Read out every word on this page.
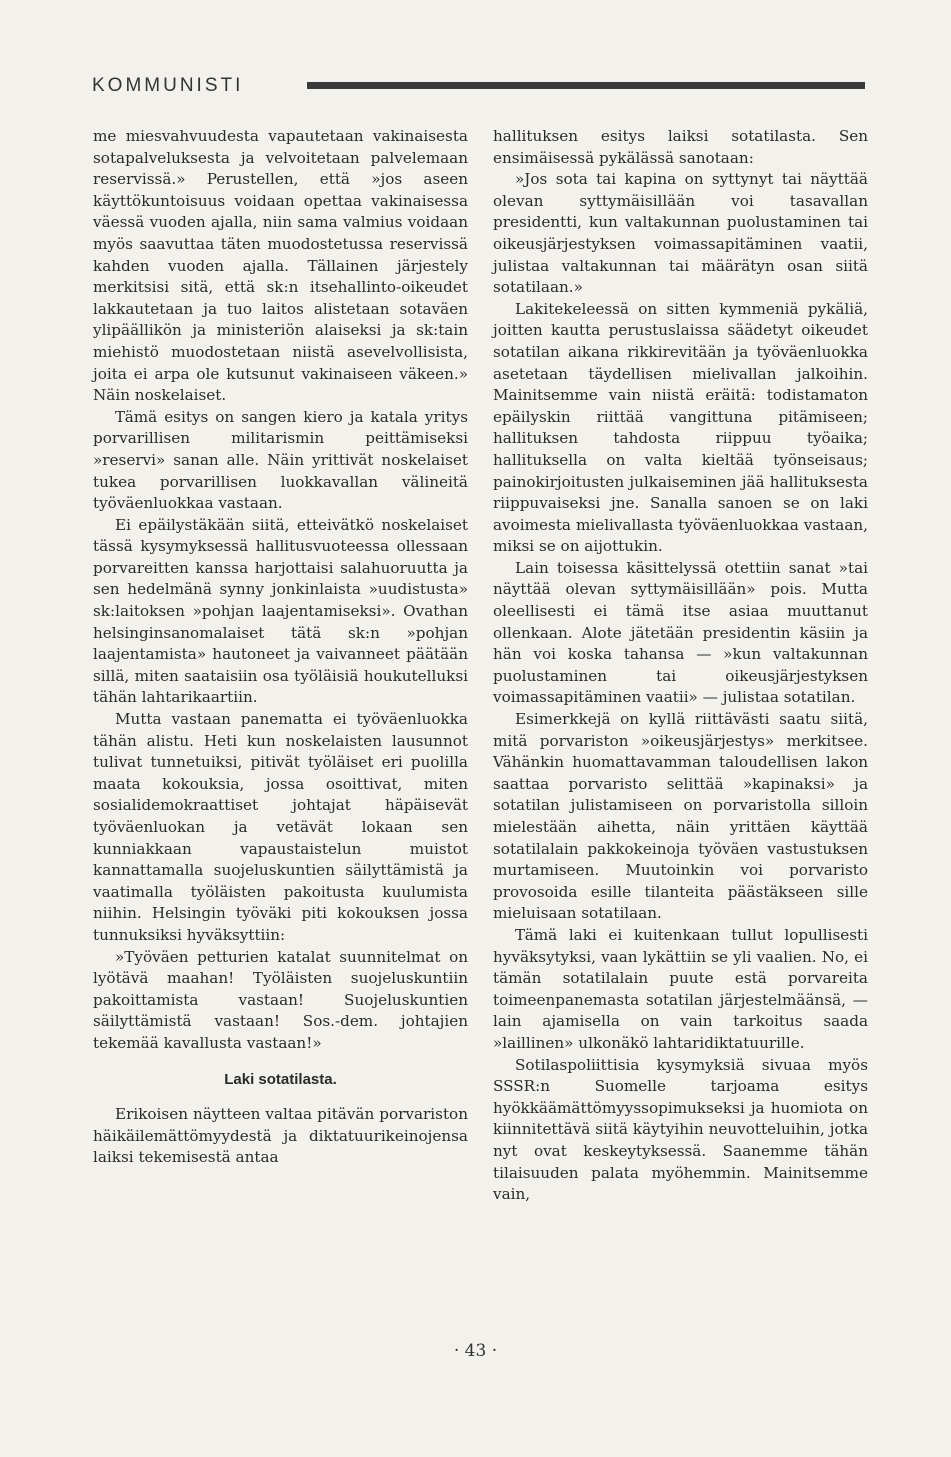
KOMMUNISTI

me miesvahvuudesta vapautetaan vakinaisesta sotapalveluksesta ja velvoitetaan palvelemaan reservissä.» Perustellen, että »jos aseen käyttökuntoisuus voidaan opettaa vakinaisessa väessä vuoden ajalla, niin sama valmius voidaan myös saavuttaa täten muodostetussa reservissä kahden vuoden ajalla. Tällainen järjestely merkitsisi sitä, että sk:n itsehallinto-oikeudet lakkautetaan ja tuo laitos alistetaan sotaväen ylipäällikön ja ministeriön alaiseksi ja sk:tain miehistö muodostetaan niistä asevelvollisista, joita ei arpa ole kutsunut vakinaiseen väkeen.» Näin noskelaiset.

Tämä esitys on sangen kiero ja katala yritys porvarillisen militarismin peittämiseksi »reservi» sanan alle. Näin yrittivät noskelaiset tukea porvarillisen luokkavallan välineitä työväenluokkaa vastaan.

Ei epäilystäkään siitä, etteivätkö noskelaiset tässä kysymyksessä hallitusvuoteessa ollessaan porvareitten kanssa harjottaisi salahuoruutta ja sen hedelmänä synny jonkinlaista »uudistusta» sk:laitoksen »pohjan laajentamiseksi». Ovathan helsinginsanomalaiset tätä sk:n »pohjan laajentamista» hautoneet ja vaivanneet päätään sillä, miten saataisiin osa työläisiä houkutelluksi tähän lahtarikaartiin.

Mutta vastaan panematta ei työväenluokka tähän alistu. Heti kun noskelaisten lausunnot tulivat tunnetuiksi, pitivät työläiset eri puolilla maata kokouksia, jossa osoittivat, miten sosialidemokraattiset johtajat häpäisevät työväenluokan ja vetävät lokaan sen kunniakkaan vapaustaistelun muistot kannattamalla suojeluskuntien säilyttämistä ja vaatimalla työläisten pakoitusta kuulumista niihin. Helsingin työväki piti kokouksen jossa tunnuksiksi hyväksyttiin:

»Työväen petturien katalat suunnitelmat on lyötävä maahan! Työläisten suojeluskuntiin pakoittamista vastaan! Suojeluskuntien säilyttämistä vastaan! Sos.-dem. johtajien tekemää kavallusta vastaan!»

Laki sotatilasta.

Erikoisen näytteen valtaa pitävän porvariston häikäilemättömyydestä ja diktatuurikeinojensa laiksi tekemisestä antaa

hallituksen esitys laiksi sotatilasta. Sen ensimäisessä pykälässä sanotaan:

»Jos sota tai kapina on syttynyt tai näyttää olevan syttymäisillään voi tasavallan presidentti, kun valtakunnan puolustaminen tai oikeusjärjestyksen voimassapitäminen vaatii, julistaa valtakunnan tai määrätyn osan siitä sotatilaan.»

Lakitekeleessä on sitten kymmeniä pykäliä, joitten kautta perustuslaissa säädetyt oikeudet sotatilan aikana rikkirevitään ja työväenluokka asetetaan täydellisen mielivallan jalkoihin. Mainitsemme vain niistä eräitä: todistamaton epäilyskin riittää vangittuna pitämiseen; hallituksen tahdosta riippuu työaika; hallituksella on valta kieltää työnseisaus; painokirjoitusten julkaiseminen jää hallituksesta riippuvaiseksi jne. Sanalla sanoen se on laki avoimesta mielivallasta työväenluokkaa vastaan, miksi se on aijottukin.

Lain toisessa käsittelyssä otettiin sanat »tai näyttää olevan syttymäisillään» pois. Mutta oleellisesti ei tämä itse asiaa muuttanut ollenkaan. Alote jätetään presidentin käsiin ja hän voi koska tahansa — »kun valtakunnan puolustaminen tai oikeusjärjestyksen voimassapitäminen vaatii» — julistaa sotatilan.

Esimerkkejä on kyllä riittävästi saatu siitä, mitä porvariston »oikeusjärjestys» merkitsee. Vähänkin huomattavamman taloudellisen lakon saattaa porvaristo selittää »kapinaksi» ja sotatilan julistamiseen on porvaristolla silloin mielestään aihetta, näin yrittäen käyttää sotatilalain pakkokeinoja työväen vastustuksen murtamiseen. Muutoinkin voi porvaristo provosoida esille tilanteita päästäkseen sille mieluisaan sotatilaan.

Tämä laki ei kuitenkaan tullut lopullisesti hyväksytyksi, vaan lykättiin se yli vaalien. No, ei tämän sotatilalain puute estä porvareita toimeenpanemasta sotatilan järjestelmäänsä, — lain ajamisella on vain tarkoitus saada »laillinen» ulkonäkö lahtaridiktatuurille.

Sotilaspoliittisia kysymyksiä sivuaa myös SSSR:n Suomelle tarjoama esitys hyökkäämättömyyssopimukseksi ja huomiota on kiinnitettävä siitä käytyihin neuvotteluihin, jotka nyt ovat keskeytyksessä. Saanemme tähän tilaisuuden palata myöhemmin. Mainitsemme vain,

· 43 ·
